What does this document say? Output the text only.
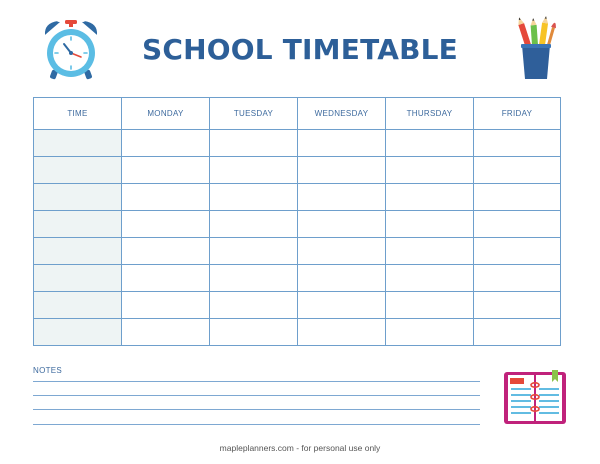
SCHOOL TIMETABLE
TIME	MONDAY	TUESDAY	WEDNESDAY	THURSDAY	FRIDAY

NOTES
mapleplanners.com - for personal use only
